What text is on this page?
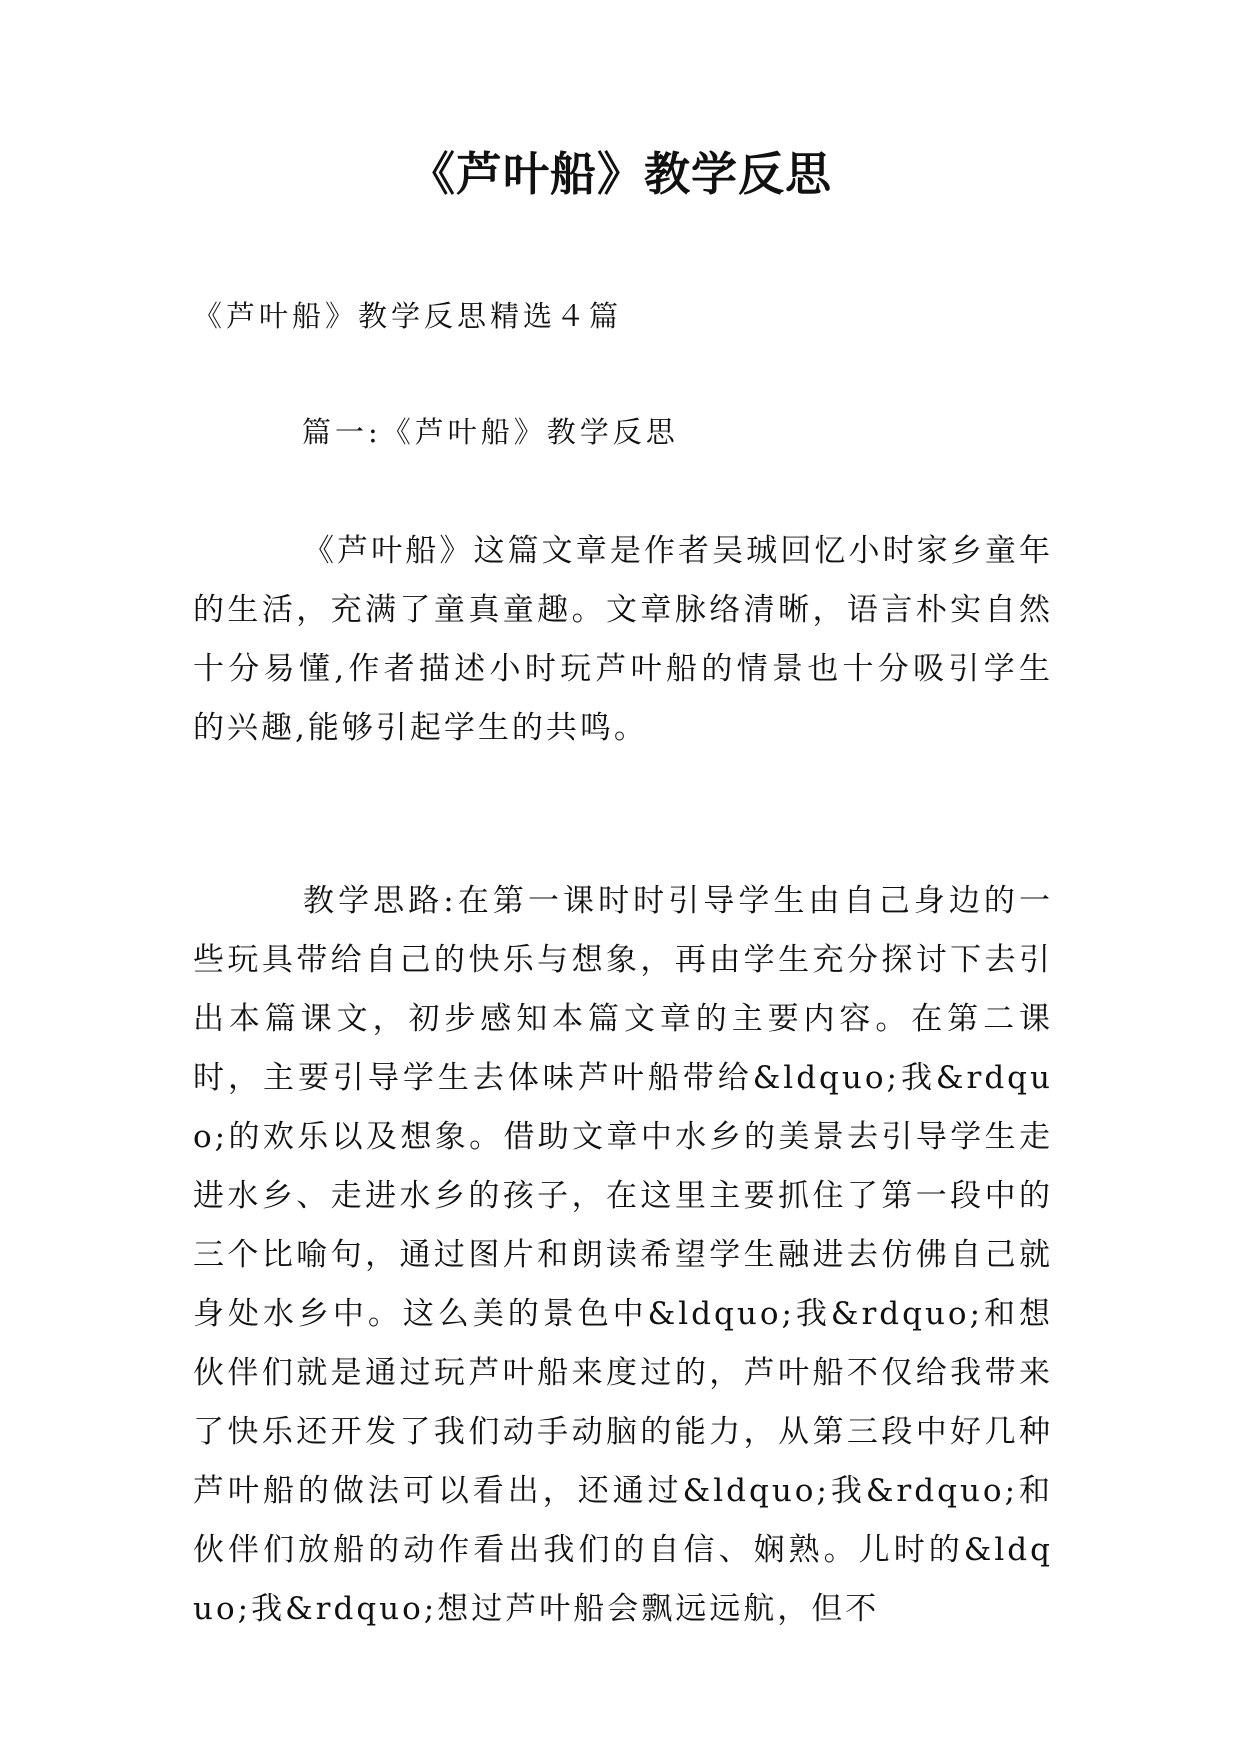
《芦叶船》教学反思

《芦叶船》教学反思精选４篇

篇一:《芦叶船》教学反思

《芦叶船》这篇文章是作者吴珹回忆小时家乡童年的生活，充满了童真童趣。文章脉络清晰，语言朴实自然十分易懂,作者描述小时玩芦叶船的情景也十分吸引学生的兴趣,能够引起学生的共鸣。

教学思路:在第一课时时引导学生由自己身边的一些玩具带给自己的快乐与想象，再由学生充分探讨下去引出本篇课文，初步感知本篇文章的主要内容。在第二课时，主要引导学生去体味芦叶船带给&ldquo;我&rdquo;的欢乐以及想象。借助文章中水乡的美景去引导学生走进水乡、走进水乡的孩子，在这里主要抓住了第一段中的三个比喻句，通过图片和朗读希望学生融进去仿佛自己就身处水乡中。这么美的景色中&ldquo;我&rdquo;和想伙伴们就是通过玩芦叶船来度过的，芦叶船不仅给我带来了快乐还开发了我们动手动脑的能力，从第三段中好几种芦叶船的做法可以看出，还通过&ldquo;我&rdquo;和伙伴们放船的动作看出我们的自信、娴熟。儿时的&ldquo;我&rdquo;想过芦叶船会飘远远航，但不
